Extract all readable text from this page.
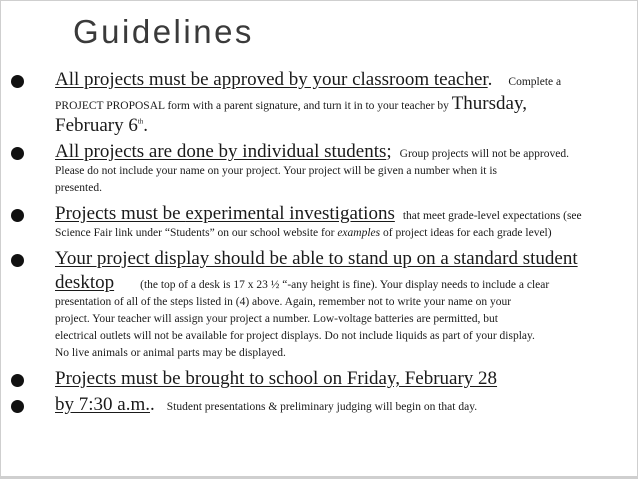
Guidelines
All projects must be approved by your classroom teacher. Complete a
PROJECT PROPOSAL form with a parent signature, and turn it in to your teacher by Thursday,
February 6th.
All projects are done by individual students; Group projects will not be approved.
Please do not include your name on your project. Your project will be given a number when it is
presented.
Projects must be experimental investigations that meet grade-level expectations (see
Science Fair link under “Students” on our school website for examples of project ideas for each grade level)
Your project display should be able to stand up on a standard student
desktop (the top of a desk is 17 x 23 ½ “-any height is fine). Your display needs to include a clear
presentation of all of the steps listed in (4) above. Again, remember not to write your name on your
project. Your teacher will assign your project a number. Low-voltage batteries are permitted, but
electrical outlets will not be available for project displays. Do not include liquids as part of your display.
No live animals or animal parts may be displayed.
Projects must be brought to school on Friday, February 28
by 7:30 a.m.. Student presentations & preliminary judging will begin on that day.
